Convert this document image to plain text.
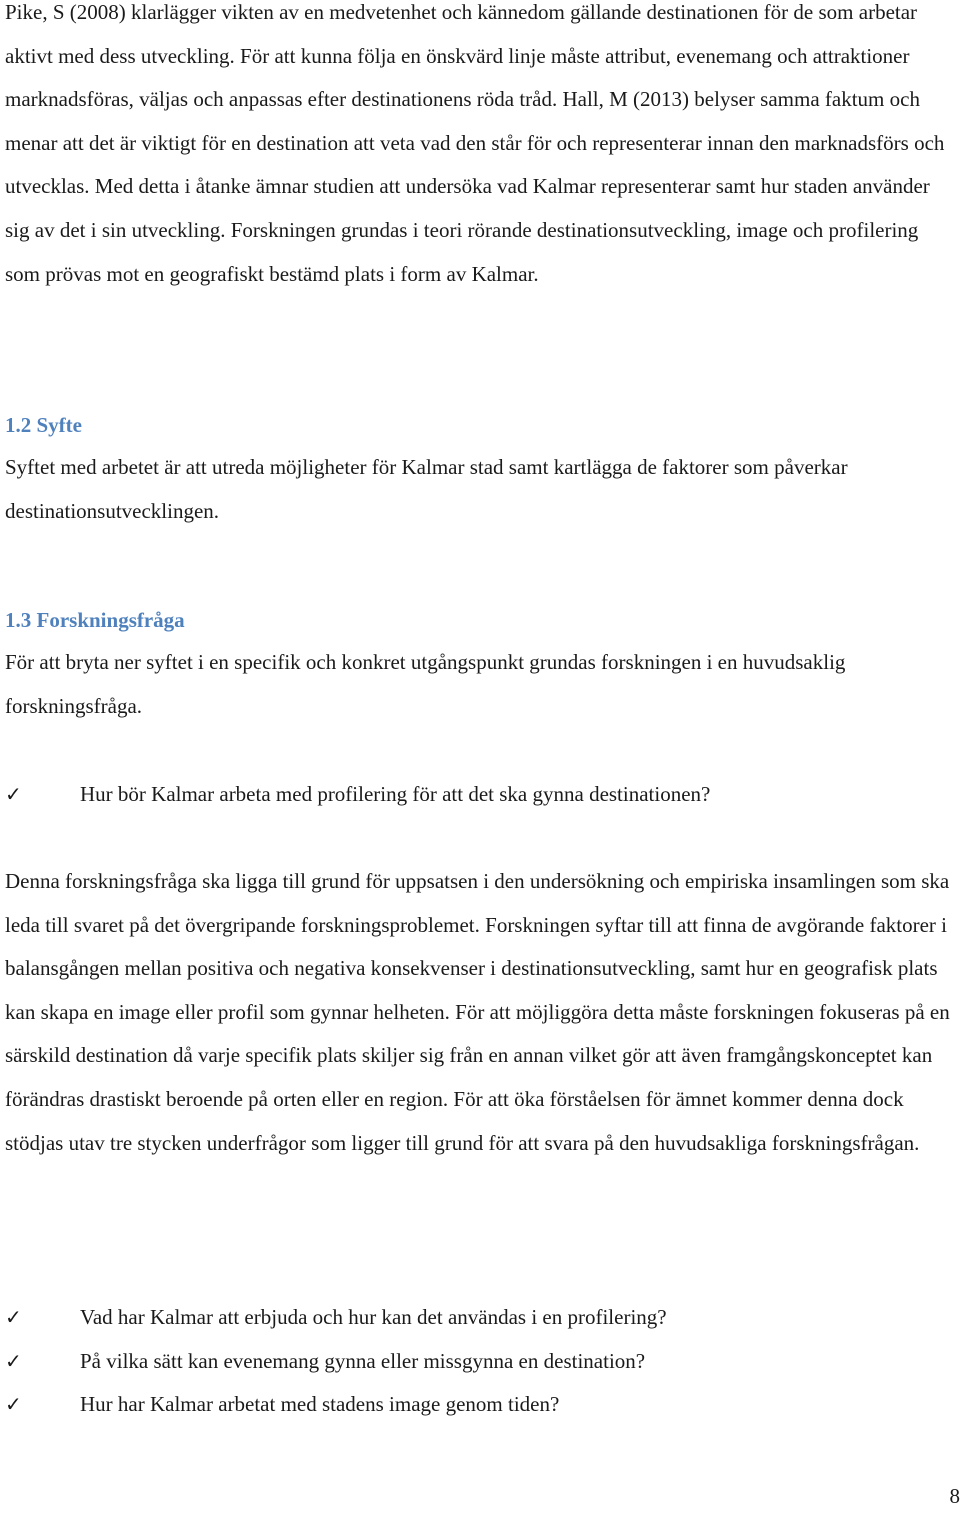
Pike, S (2008) klarlägger vikten av en medvetenhet och kännedom gällande destinationen för de som arbetar aktivt med dess utveckling. För att kunna följa en önskvärd linje måste attribut, evenemang och attraktioner marknadsföras, väljas och anpassas efter destinationens röda tråd. Hall, M (2013) belyser samma faktum och menar att det är viktigt för en destination att veta vad den står för och representerar innan den marknadsförs och utvecklas. Med detta i åtanke ämnar studien att undersöka vad Kalmar representerar samt hur staden använder sig av det i sin utveckling. Forskningen grundas i teori rörande destinationsutveckling, image och profilering som prövas mot en geografiskt bestämd plats i form av Kalmar.

1.2 Syfte

Syftet med arbetet är att utreda möjligheter för Kalmar stad samt kartlägga de faktorer som påverkar destinationsutvecklingen.

1.3 Forskningsfråga

För att bryta ner syftet i en specifik och konkret utgångspunkt grundas forskningen i en huvudsaklig forskningsfråga.

✓	Hur bör Kalmar arbeta med profilering för att det ska gynna destinationen?

Denna forskningsfråga ska ligga till grund för uppsatsen i den undersökning och empiriska insamlingen som ska leda till svaret på det övergripande forskningsproblemet. Forskningen syftar till att finna de avgörande faktorer i balansgången mellan positiva och negativa konsekvenser i destinationsutveckling, samt hur en geografisk plats kan skapa en image eller profil som gynnar helheten. För att möjliggöra detta måste forskningen fokuseras på en särskild destination då varje specifik plats skiljer sig från en annan vilket gör att även framgångskonceptet kan förändras drastiskt beroende på orten eller en region. För att öka förståelsen för ämnet kommer denna dock stödjas utav tre stycken underfrågor som ligger till grund för att svara på den huvudsakliga forskningsfrågan.

✓	Vad har Kalmar att erbjuda och hur kan det användas i en profilering?
✓	På vilka sätt kan evenemang gynna eller missgynna en destination?
✓	Hur har Kalmar arbetat med stadens image genom tiden?
8
